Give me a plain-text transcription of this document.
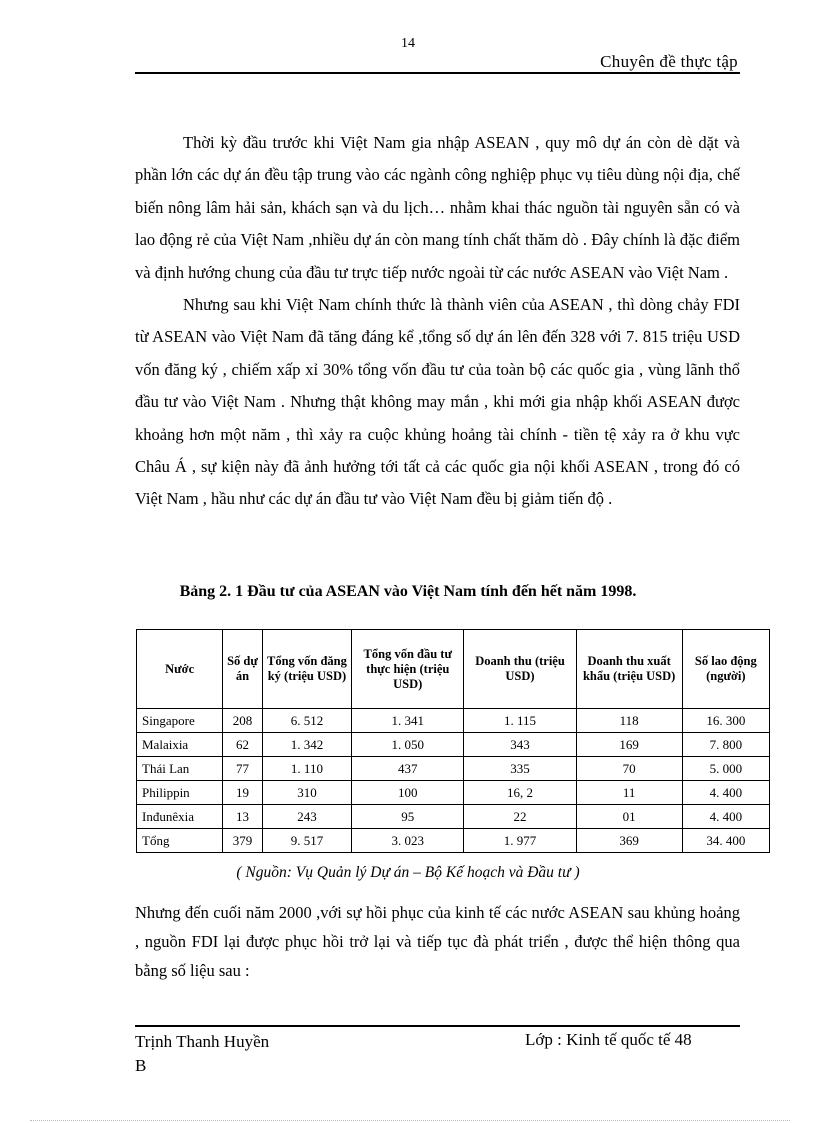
14
Chuyên đề thực tập

Thời kỳ đầu trước khi Việt Nam gia nhập ASEAN , quy mô dự án còn dè dặt và phần lớn các dự án đều tập trung vào các ngành công nghiệp phục vụ tiêu dùng nội địa, chế biến nông lâm hải sản, khách sạn và du lịch… nhằm khai thác nguồn tài nguyên sẵn có và lao động rẻ của Việt Nam ,nhiều dự án còn mang tính chất thăm dò . Đây chính là đặc điểm và định hướng chung của đầu tư trực tiếp nước ngoài từ các nước ASEAN vào Việt Nam .

Nhưng sau khi Việt Nam chính thức là thành viên của ASEAN , thì dòng chảy FDI từ ASEAN vào Việt Nam đã tăng đáng kể ,tổng số dự án lên đến 328 với 7. 815 triệu USD vốn đăng ký , chiếm xấp xỉ 30% tổng vốn đầu tư của toàn bộ các quốc gia , vùng lãnh thổ đầu tư vào Việt Nam . Nhưng thật không may mắn , khi mới gia nhập khối ASEAN được khoảng hơn một năm , thì xảy ra cuộc khủng hoảng tài chính - tiền tệ xảy ra ở khu vực Châu Á , sự kiện này đã ảnh hưởng tới tất cả các quốc gia nội khối ASEAN , trong đó có Việt Nam , hầu như các dự án đầu tư vào Việt Nam đều bị giảm tiến độ .

Bảng 2. 1 Đầu tư của ASEAN vào Việt Nam tính đến hết năm 1998.
Nước	Số dự án	Tổng vốn đăng ký (triệu USD)	Tổng vốn đầu tư thực hiện (triệu USD)	Doanh thu (triệu USD)	Doanh thu xuất khẩu (triệu USD)	Số lao động (người)
Singapore	208	6. 512	1. 341	1. 115	118	16. 300
Malaixia	62	1. 342	1. 050	343	169	7. 800
Thái Lan	77	1. 110	437	335	70	5. 000
Philippin	19	310	100	16, 2	11	4. 400
Inđunêxia	13	243	95	22	01	4. 400
Tổng	379	9. 517	3. 023	1. 977	369	34. 400
( Nguồn: Vụ Quản lý Dự án – Bộ Kế hoạch và Đầu tư )

Nhưng đến cuối năm 2000 ,với sự hồi phục của kinh tế các nước ASEAN sau khủng hoảng , nguồn FDI lại được phục hồi trở lại và tiếp tục đà phát triển , được thể hiện thông qua bằng số liệu sau :

Trịnh Thanh Huyền
B
Lớp : Kinh tế quốc tế 48
